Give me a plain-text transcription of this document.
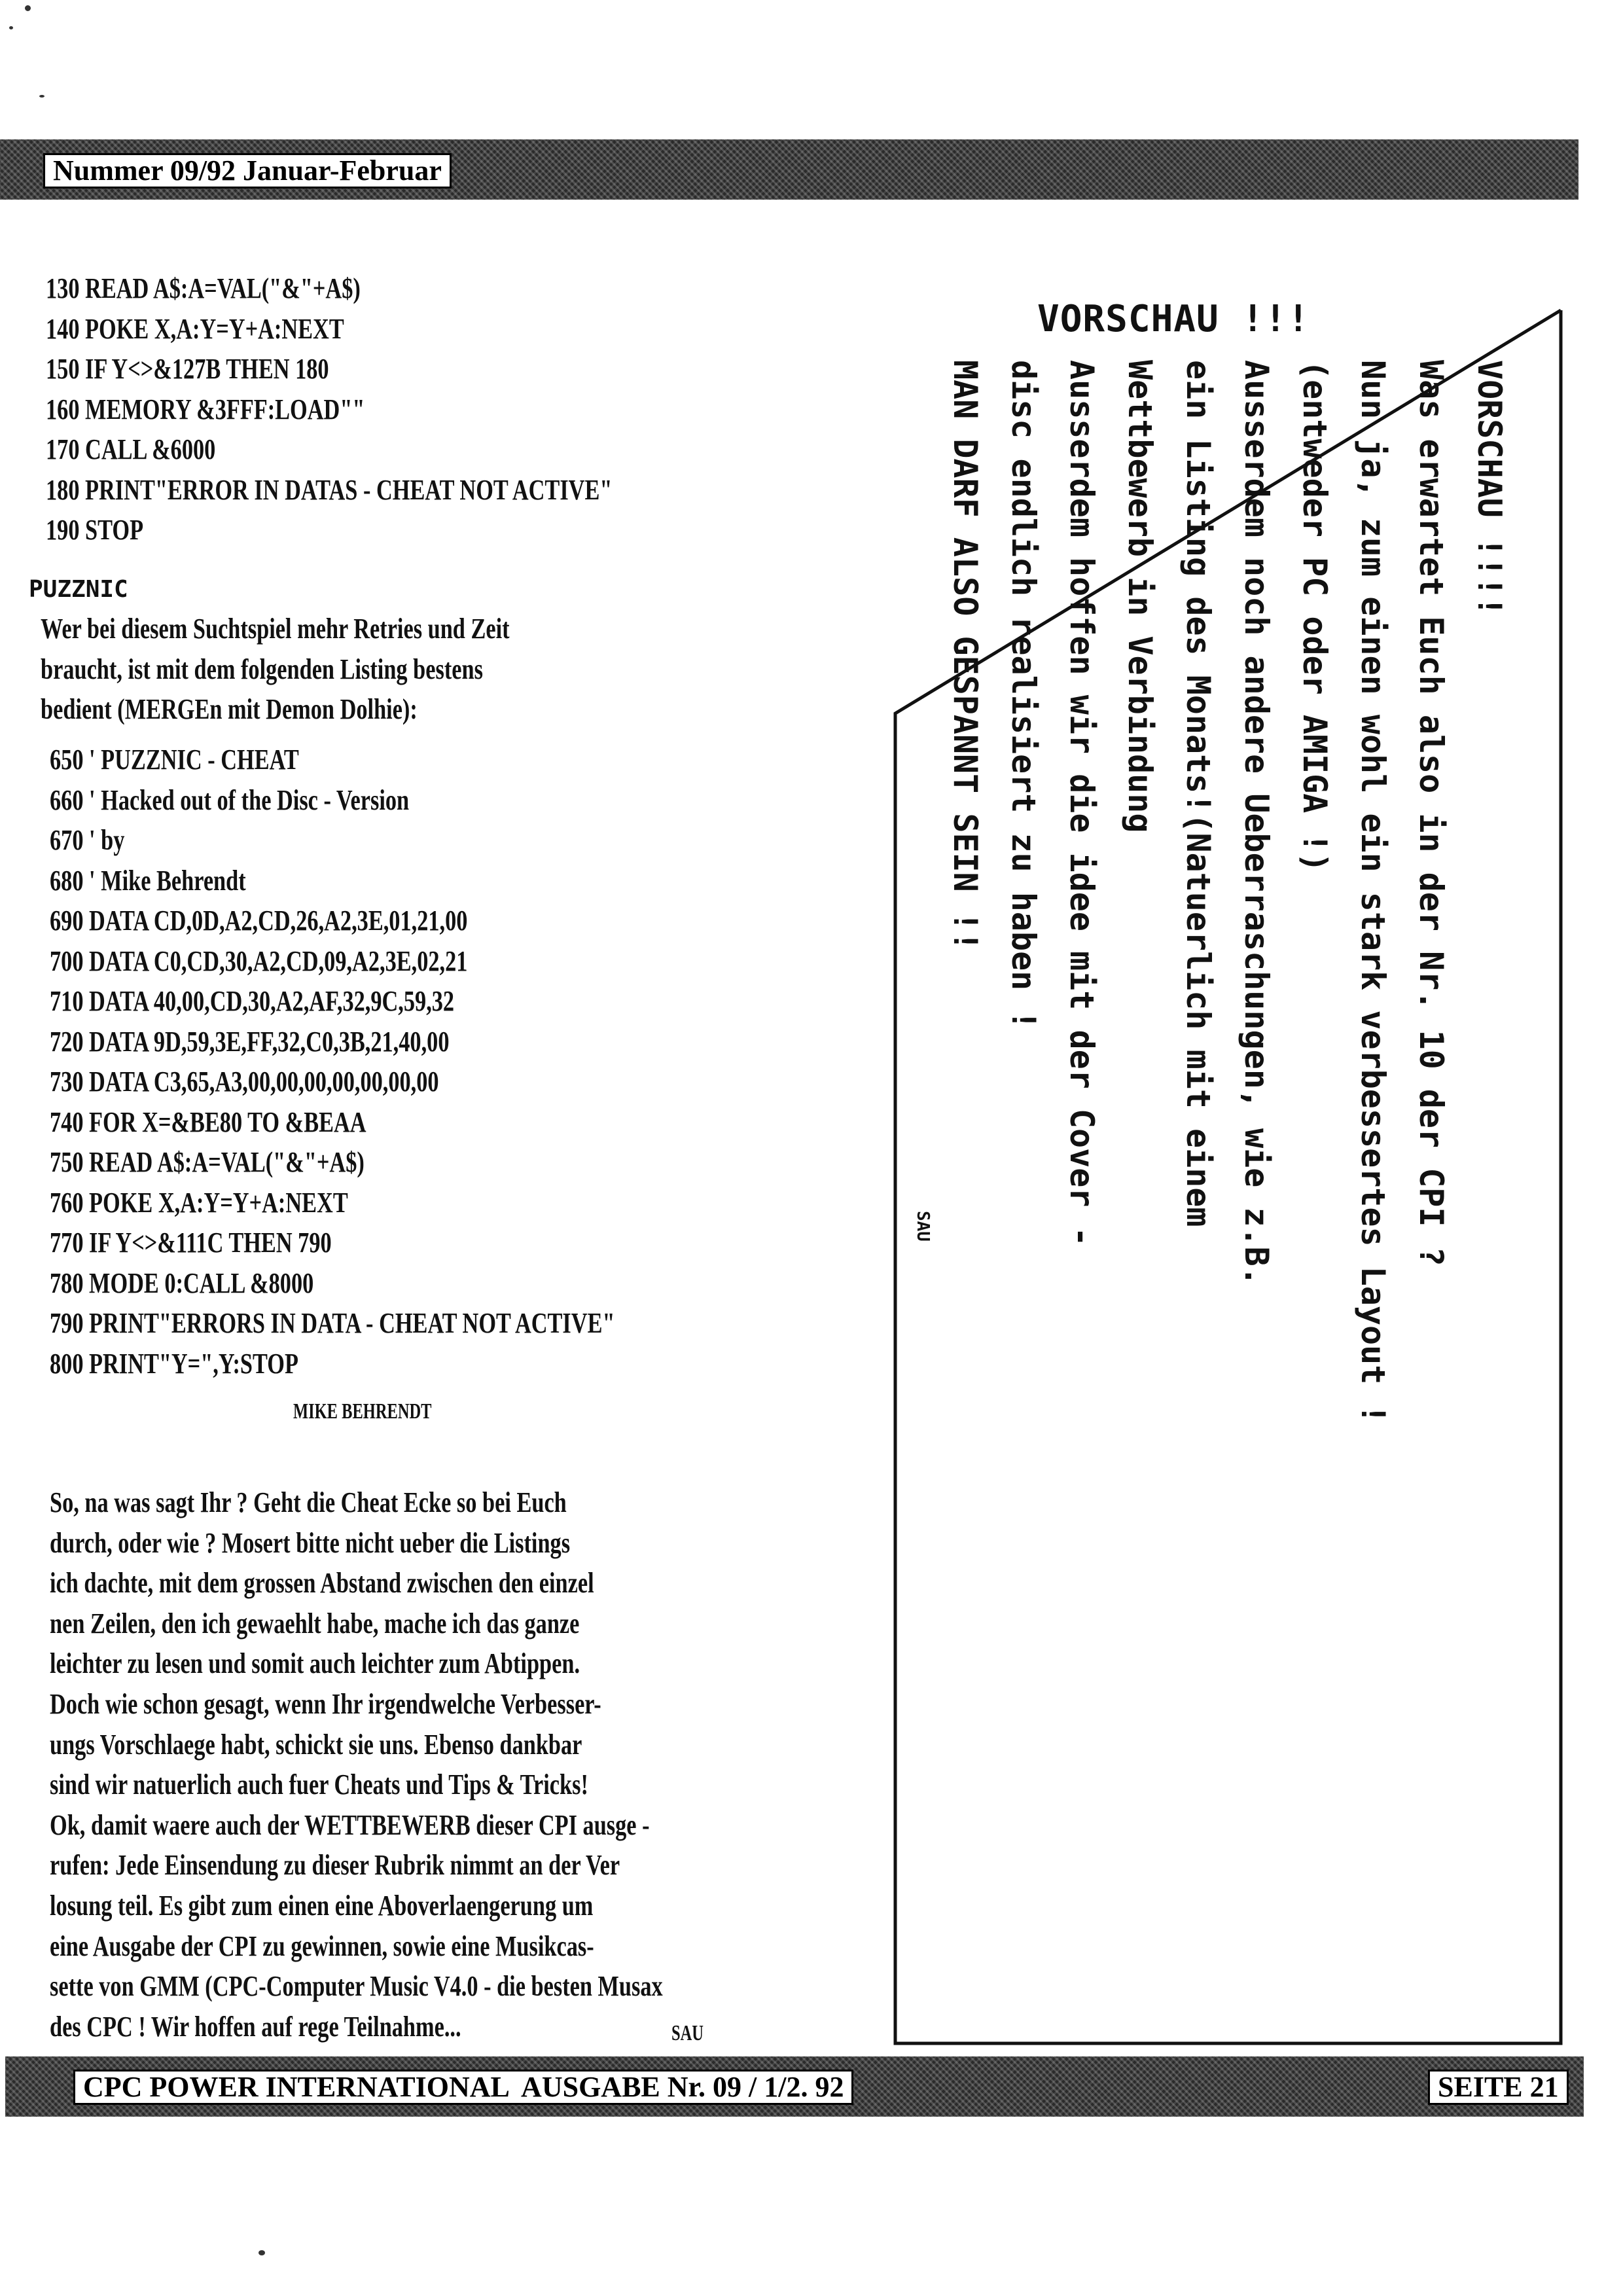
Nummer 09/92 Januar-Februar
130 READ A$:A=VAL("&"+A$)
140 POKE X,A:Y=Y+A:NEXT
150 IF Y<>&127B THEN 180
160 MEMORY &3FFF:LOAD""
170 CALL &6000
180 PRINT"ERROR IN DATAS - CHEAT NOT ACTIVE"
190 STOP
PUZZNIC
Wer bei diesem Suchtspiel mehr Retries und Zeit
braucht, ist mit dem folgenden Listing bestens
bedient (MERGEn mit Demon Dolhie):
650 ' PUZZNIC - CHEAT
660 ' Hacked out of the Disc - Version
670 ' by
680 ' Mike Behrendt
690 DATA CD,0D,A2,CD,26,A2,3E,01,21,00
700 DATA C0,CD,30,A2,CD,09,A2,3E,02,21
710 DATA 40,00,CD,30,A2,AF,32,9C,59,32
720 DATA 9D,59,3E,FF,32,C0,3B,21,40,00
730 DATA C3,65,A3,00,00,00,00,00,00,00
740 FOR X=&BE80 TO &BEAA
750 READ A$:A=VAL("&"+A$)
760 POKE X,A:Y=Y+A:NEXT
770 IF Y<>&111C THEN 790
780 MODE 0:CALL &8000
790 PRINT"ERRORS IN DATA - CHEAT NOT ACTIVE"
800 PRINT"Y=",Y:STOP
MIKE BEHRENDT
So, na was sagt Ihr ? Geht die Cheat Ecke so bei Euch
durch, oder wie ? Mosert bitte nicht ueber die Listings
ich dachte, mit dem grossen Abstand zwischen den einzel
nen Zeilen, den ich gewaehlt habe, mache ich das ganze
leichter zu lesen und somit auch leichter zum Abtippen.
Doch wie schon gesagt, wenn Ihr irgendwelche Verbesser-
ungs Vorschlaege habt, schickt sie uns. Ebenso dankbar
sind wir natuerlich auch fuer Cheats und Tips & Tricks!
Ok, damit waere auch der WETTBEWERB dieser CPI ausge -
rufen: Jede Einsendung zu dieser Rubrik nimmt an der Ver
losung teil. Es gibt zum einen eine Aboverlaengerung um
eine Ausgabe der CPI zu gewinnen, sowie eine Musikcas-
sette von GMM (CPC-Computer Music V4.0 - die besten Musax
des CPC ! Wir hoffen auf rege Teilnahme...	SAU
VORSCHAU !!!
VORSCHAU !!!!
Was erwartet Euch also in der Nr. 10 der CPI ?
Nun ja, zum einen wohl ein stark verbessertes Layout !
(entweder PC oder AMIGA !)
Ausserdem noch andere Ueberraschungen, wie z.B.
ein Listing des Monats!(Natuerlich mit einem
Wettbewerb in Verbindung
Ausserdem hoffen wir die idee mit der Cover -
disc endlich realisiert zu haben !
MAN DARF ALSO GESPANNT SEIN !!
SAU
CPC POWER INTERNATIONAL  AUSGABE Nr. 09 / 1/2. 92	SEITE 21
